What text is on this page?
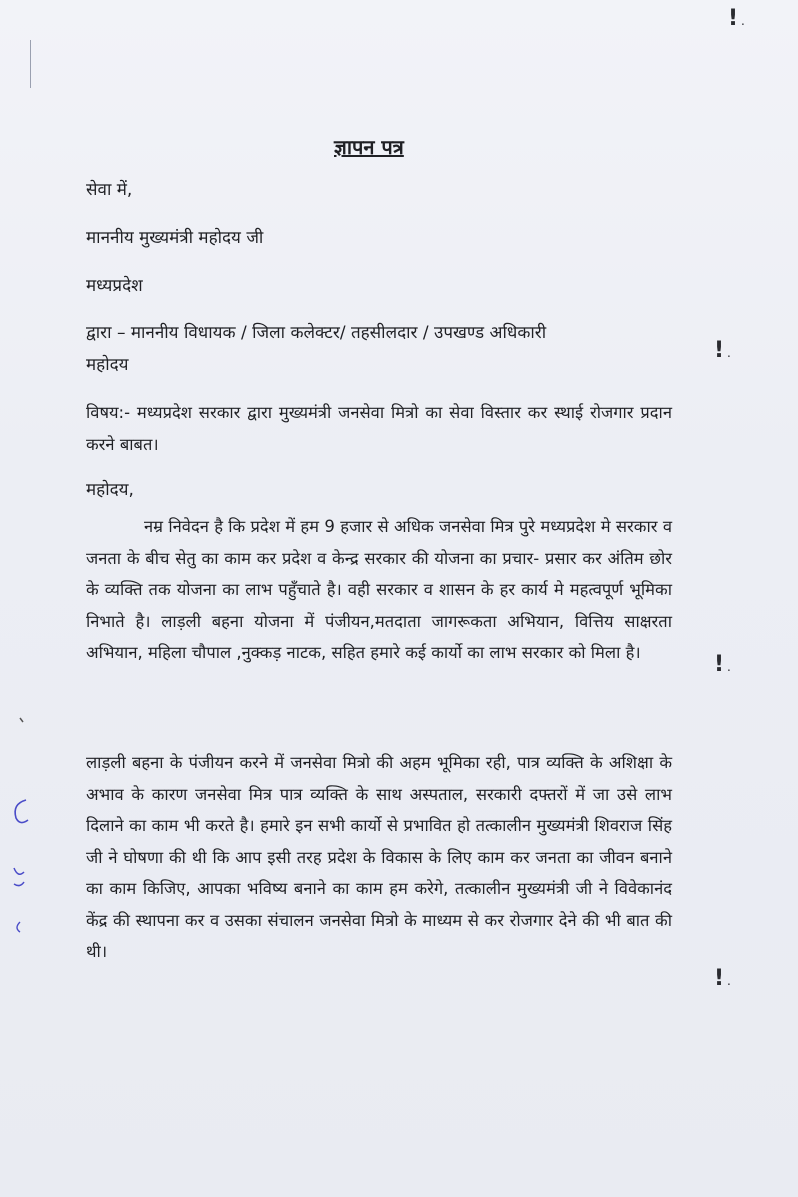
ज्ञापन पत्र
सेवा में,
माननीय मुख्यमंत्री महोदय जी
मध्यप्रदेश
द्वारा – माननीय विधायक / जिला कलेक्टर/ तहसीलदार / उपखण्ड अधिकारी
महोदय
विषय:- मध्यप्रदेश सरकार द्वारा मुख्यमंत्री जनसेवा मित्रो का सेवा विस्तार कर स्थाई रोजगार प्रदान करने बाबत।
महोदय,
नम्र निवेदन है कि प्रदेश में हम 9 हजार से अधिक जनसेवा मित्र पुरे मध्यप्रदेश मे सरकार व जनता के बीच सेतु का काम कर प्रदेश व केन्द्र सरकार की योजना का प्रचार- प्रसार कर अंतिम छोर के व्यक्ति तक योजना का लाभ पहुँचाते है। वही सरकार व शासन के हर कार्य मे महत्वपूर्ण भूमिका निभाते है। लाड़ली बहना योजना में पंजीयन,मतदाता जागरूकता अभियान, वित्तिय साक्षरता अभियान, महिला चौपाल ,नुक्कड़ नाटक, सहित हमारे कई कार्यो का लाभ सरकार को मिला है।
लाड़ली बहना के पंजीयन करने में जनसेवा मित्रो की अहम भूमिका रही, पात्र व्यक्ति के अशिक्षा के अभाव के कारण जनसेवा मित्र पात्र व्यक्ति के साथ अस्पताल, सरकारी दफ्तरों में जा उसे लाभ दिलाने का काम भी करते है। हमारे इन सभी कार्यो से प्रभावित हो तत्कालीन मुख्यमंत्री शिवराज सिंह जी ने घोषणा की थी कि आप इसी तरह प्रदेश के विकास के लिए काम कर जनता का जीवन बनाने का काम किजिए, आपका भविष्य बनाने का काम हम करेगे, तत्कालीन मुख्यमंत्री जी ने विवेकानंद केंद्र की स्थापना कर व उसका संचालन जनसेवा मित्रो के माध्यम से कर रोजगार देने की भी बात की थी।
! .
! .
! .
! .
